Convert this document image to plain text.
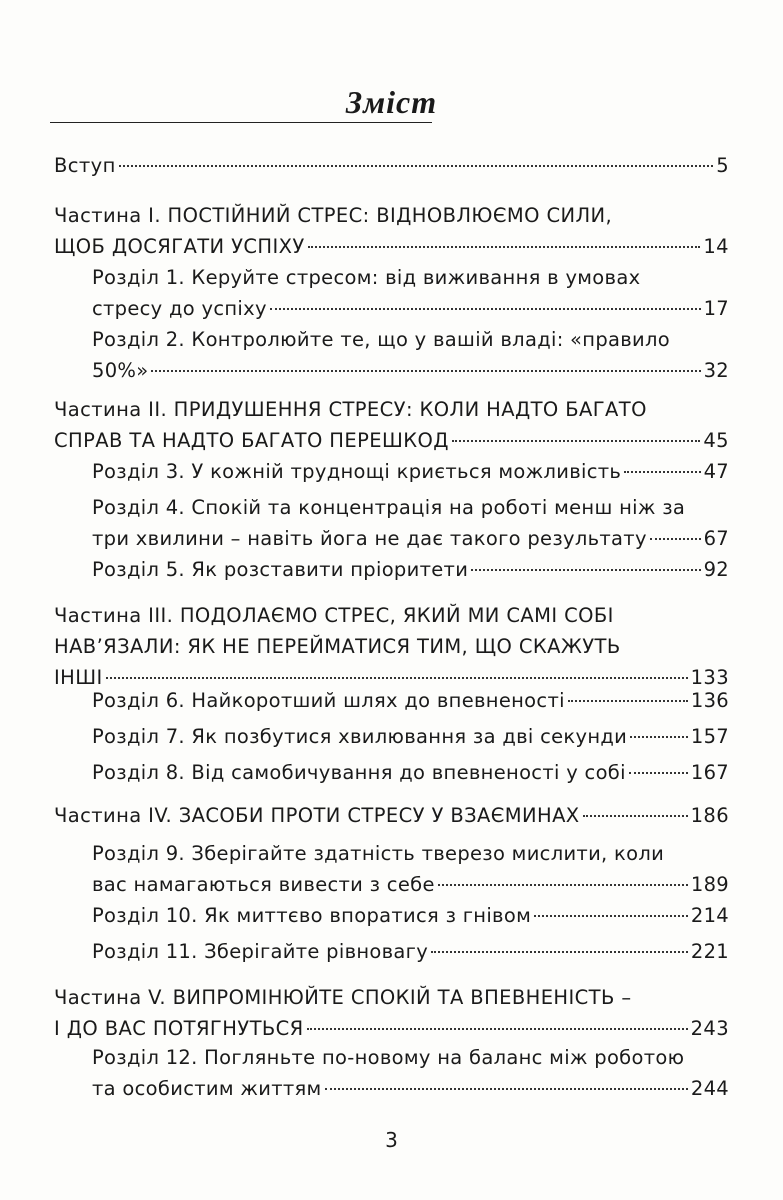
Зміст
Вступ	5
Частина I. ПОСТІЙНИЙ СТРЕС: ВІДНОВЛЮЄМО СИЛИ,
ЩОБ ДОСЯГАТИ УСПІХУ	14
Розділ 1. Керуйте стресом: від виживання в умовах
стресу до успіху	17
Розділ 2. Контролюйте те, що у вашій владі: «правило
50%»	32
Частина II. ПРИДУШЕННЯ СТРЕСУ: КОЛИ НАДТО БАГАТО
СПРАВ ТА НАДТО БАГАТО ПЕРЕШКОД	45
Розділ 3. У кожній труднощі криється можливість	47
Розділ 4. Спокій та концентрація на роботі менш ніж за
три хвилини – навіть йога не дає такого результату	67
Розділ 5. Як розставити пріоритети	92
Частина III. ПОДОЛАЄМО СТРЕС, ЯКИЙ МИ САМІ СОБІ
НАВ’ЯЗАЛИ: ЯК НЕ ПЕРЕЙМАТИСЯ ТИМ, ЩО СКАЖУТЬ
ІНШІ	133
Розділ 6. Найкоротший шлях до впевненості	136
Розділ 7. Як позбутися хвилювання за дві секунди	157
Розділ 8. Від самобичування до впевненості у собі	167
Частина IV. ЗАСОБИ ПРОТИ СТРЕСУ У ВЗАЄМИНАХ	186
Розділ 9. Зберігайте здатність тверезо мислити, коли
вас намагаються вивести з себе	189
Розділ 10. Як миттєво впоратися з гнівом	214
Розділ 11. Зберігайте рівновагу	221
Частина V. ВИПРОМІНЮЙТЕ СПОКІЙ ТА ВПЕВНЕНІСТЬ –
І ДО ВАС ПОТЯГНУТЬСЯ	243
Розділ 12. Погляньте по-новому на баланс між роботою
та особистим життям	244
3
